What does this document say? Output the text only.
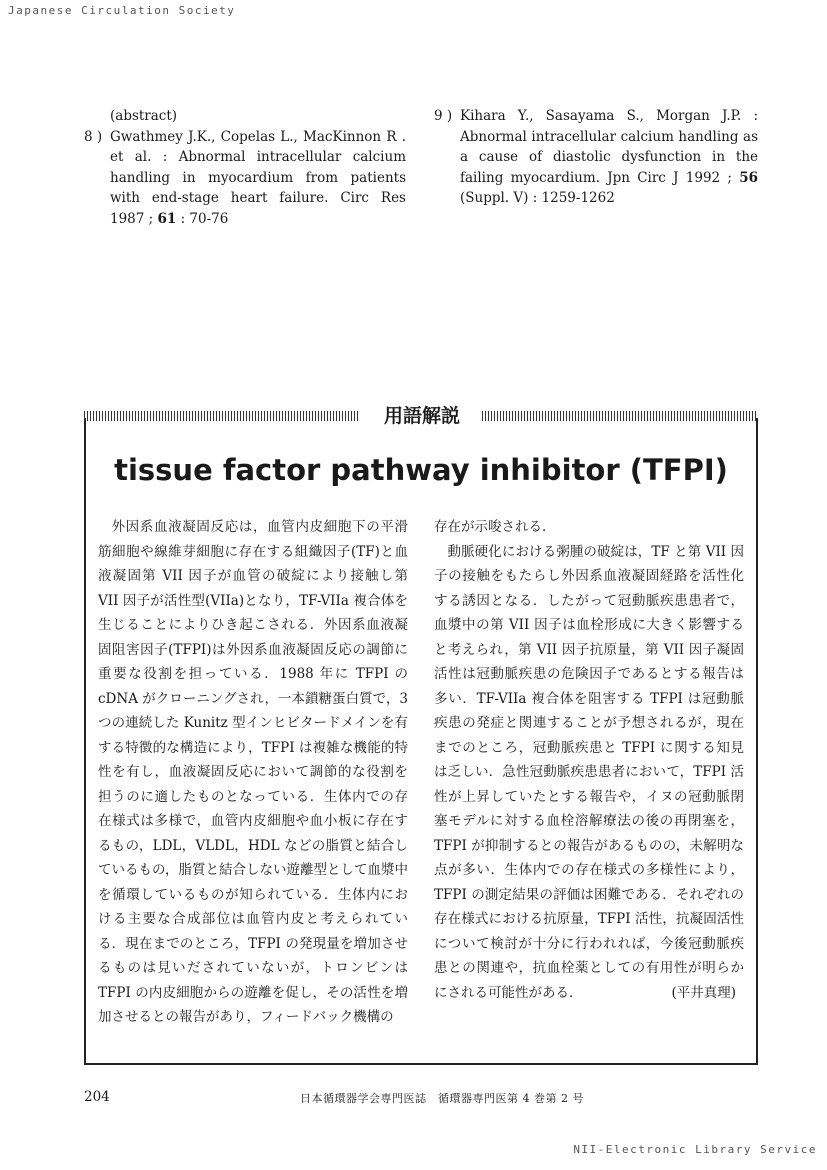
Japanese Circulation Society
(abstract)
8 ) Gwathmey J.K., Copelas L., MacKinnon R . et al. : Abnormal intracellular calcium handling in myocardium from patients with end-stage heart failure. Circ Res 1987 ; 61 : 70-76
9 ) Kihara Y., Sasayama S., Morgan J.P. : Abnormal intracellular calcium handling as a cause of diastolic dysfunction in the failing myocardium. Jpn Circ J 1992 ; 56 (Suppl. V) : 1259-1262
用語解説
tissue factor pathway inhibitor (TFPI)

外因系血液凝固反応は，血管内皮細胞下の平滑筋細胞や線維芽細胞に存在する組織因子(TF)と血液凝固第 VII 因子が血管の破綻により接触し第 VII 因子が活性型(VIIa)となり，TF-VIIa 複合体を生じることによりひき起こされる．外因系血液凝固阻害因子(TFPI)は外因系血液凝固反応の調節に重要な役割を担っている．1988 年に TFPI の cDNA がクローニングされ，一本鎖糖蛋白質で，3 つの連続した Kunitz 型インヒビタードメインを有する特徴的な構造により，TFPI は複雑な機能的特性を有し，血液凝固反応において調節的な役割を担うのに適したものとなっている．生体内での存在様式は多様で，血管内皮細胞や血小板に存在するもの，LDL，VLDL，HDL などの脂質と結合しているもの，脂質と結合しない遊離型として血漿中を循環しているものが知られている．生体内における主要な合成部位は血管内皮と考えられている．現在までのところ，TFPI の発現量を増加させるものは見いだされていないが，トロンビンは TFPI の内皮細胞からの遊離を促し，その活性を増加させるとの報告があり，フィードバック機構の

存在が示唆される．

動脈硬化における粥腫の破綻は，TF と第 VII 因子の接触をもたらし外因系血液凝固経路を活性化する誘因となる．したがって冠動脈疾患患者で，血漿中の第 VII 因子は血栓形成に大きく影響すると考えられ，第 VII 因子抗原量，第 VII 因子凝固活性は冠動脈疾患の危険因子であるとする報告は多い．TF-VIIa 複合体を阻害する TFPI は冠動脈疾患の発症と関連することが予想されるが，現在までのところ，冠動脈疾患と TFPI に関する知見は乏しい．急性冠動脈疾患患者において，TFPI 活性が上昇していたとする報告や，イヌの冠動脈閉塞モデルに対する血栓溶解療法の後の再閉塞を，TFPI が抑制するとの報告があるものの，未解明な点が多い．生体内での存在様式の多様性により，TFPI の測定結果の評価は困難である．それぞれの存在様式における抗原量，TFPI 活性，抗凝固活性について検討が十分に行われれば，今後冠動脈疾患との関連や，抗血栓薬としての有用性が明らかにされる可能性がある．	(平井真理)

204	日本循環器学会専門医誌　循環器専門医第 4 巻第 2 号
NII-Electronic Library Service
